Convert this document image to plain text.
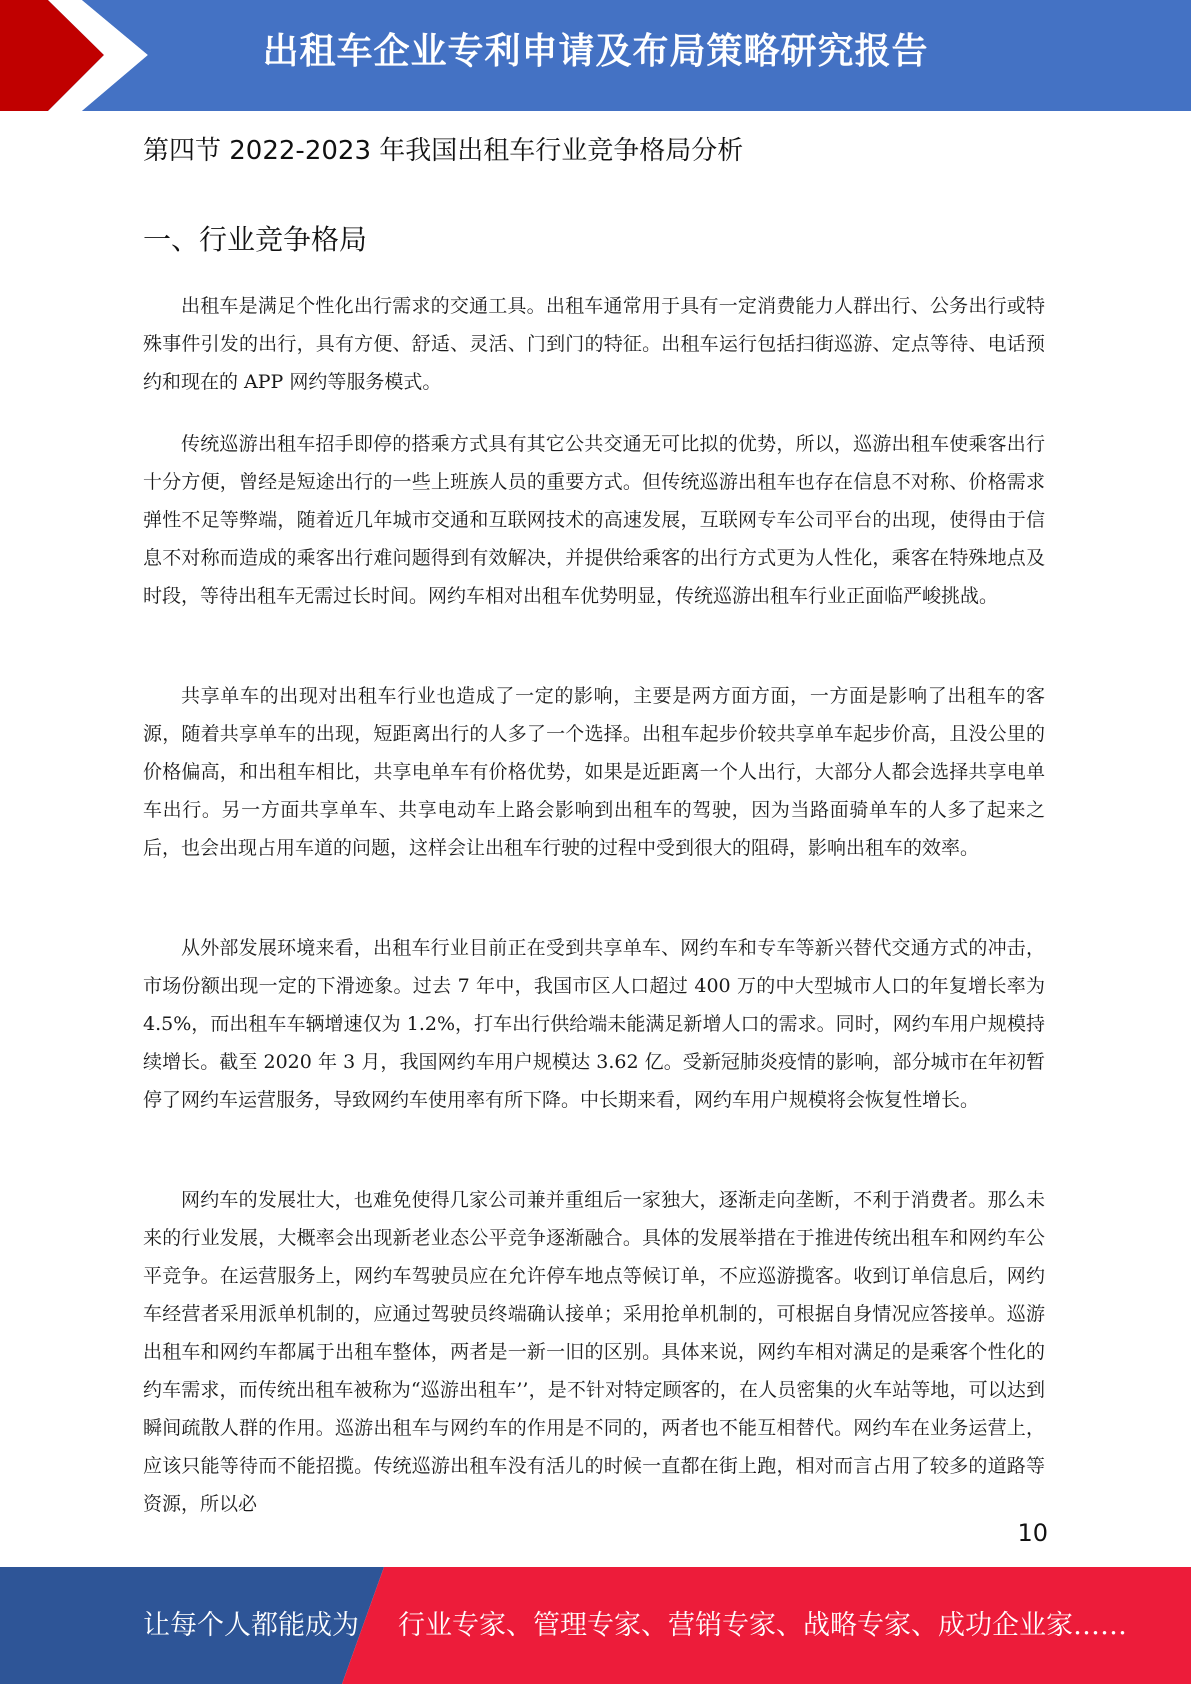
出租车企业专利申请及布局策略研究报告
第四节 2022-2023 年我国出租车行业竞争格局分析
一、行业竞争格局

出租车是满足个性化出行需求的交通工具。出租车通常用于具有一定消费能力人群出行、公务出行或特殊事件引发的出行，具有方便、舒适、灵活、门到门的特征。出租车运行包括扫街巡游、定点等待、电话预约和现在的 APP 网约等服务模式。

传统巡游出租车招手即停的搭乘方式具有其它公共交通无可比拟的优势，所以，巡游出租车使乘客出行十分方便，曾经是短途出行的一些上班族人员的重要方式。但传统巡游出租车也存在信息不对称、价格需求弹性不足等弊端，随着近几年城市交通和互联网技术的高速发展，互联网专车公司平台的出现，使得由于信息不对称而造成的乘客出行难问题得到有效解决，并提供给乘客的出行方式更为人性化，乘客在特殊地点及时段，等待出租车无需过长时间。网约车相对出租车优势明显，传统巡游出租车行业正面临严峻挑战。

共享单车的出现对出租车行业也造成了一定的影响，主要是两方面方面，一方面是影响了出租车的客源，随着共享单车的出现，短距离出行的人多了一个选择。出租车起步价较共享单车起步价高，且没公里的价格偏高，和出租车相比，共享电单车有价格优势，如果是近距离一个人出行，大部分人都会选择共享电单车出行。另一方面共享单车、共享电动车上路会影响到出租车的驾驶，因为当路面骑单车的人多了起来之后，也会出现占用车道的问题，这样会让出租车行驶的过程中受到很大的阻碍，影响出租车的效率。

从外部发展环境来看，出租车行业目前正在受到共享单车、网约车和专车等新兴替代交通方式的冲击，市场份额出现一定的下滑迹象。过去 7 年中，我国市区人口超过 400 万的中大型城市人口的年复增长率为 4.5%，而出租车车辆增速仅为 1.2%，打车出行供给端未能满足新增人口的需求。同时，网约车用户规模持续增长。截至 2020 年 3 月，我国网约车用户规模达 3.62 亿。受新冠肺炎疫情的影响，部分城市在年初暂停了网约车运营服务，导致网约车使用率有所下降。中长期来看，网约车用户规模将会恢复性增长。

网约车的发展壮大，也难免使得几家公司兼并重组后一家独大，逐渐走向垄断，不利于消费者。那么未来的行业发展，大概率会出现新老业态公平竞争逐渐融合。具体的发展举措在于推进传统出租车和网约车公平竞争。在运营服务上，网约车驾驶员应在允许停车地点等候订单，不应巡游揽客。收到订单信息后，网约车经营者采用派单机制的，应通过驾驶员终端确认接单；采用抢单机制的，可根据自身情况应答接单。巡游出租车和网约车都属于出租车整体，两者是一新一旧的区别。具体来说，网约车相对满足的是乘客个性化的约车需求，而传统出租车被称为“巡游出租车’’，是不针对特定顾客的，在人员密集的火车站等地，可以达到瞬间疏散人群的作用。巡游出租车与网约车的作用是不同的，两者也不能互相替代。网约车在业务运营上，应该只能等待而不能招揽。传统巡游出租车没有活儿的时候一直都在街上跑，相对而言占用了较多的道路等资源，所以必

10
让每个人都能成为 行业专家、管理专家、营销专家、战略专家、成功企业家……
